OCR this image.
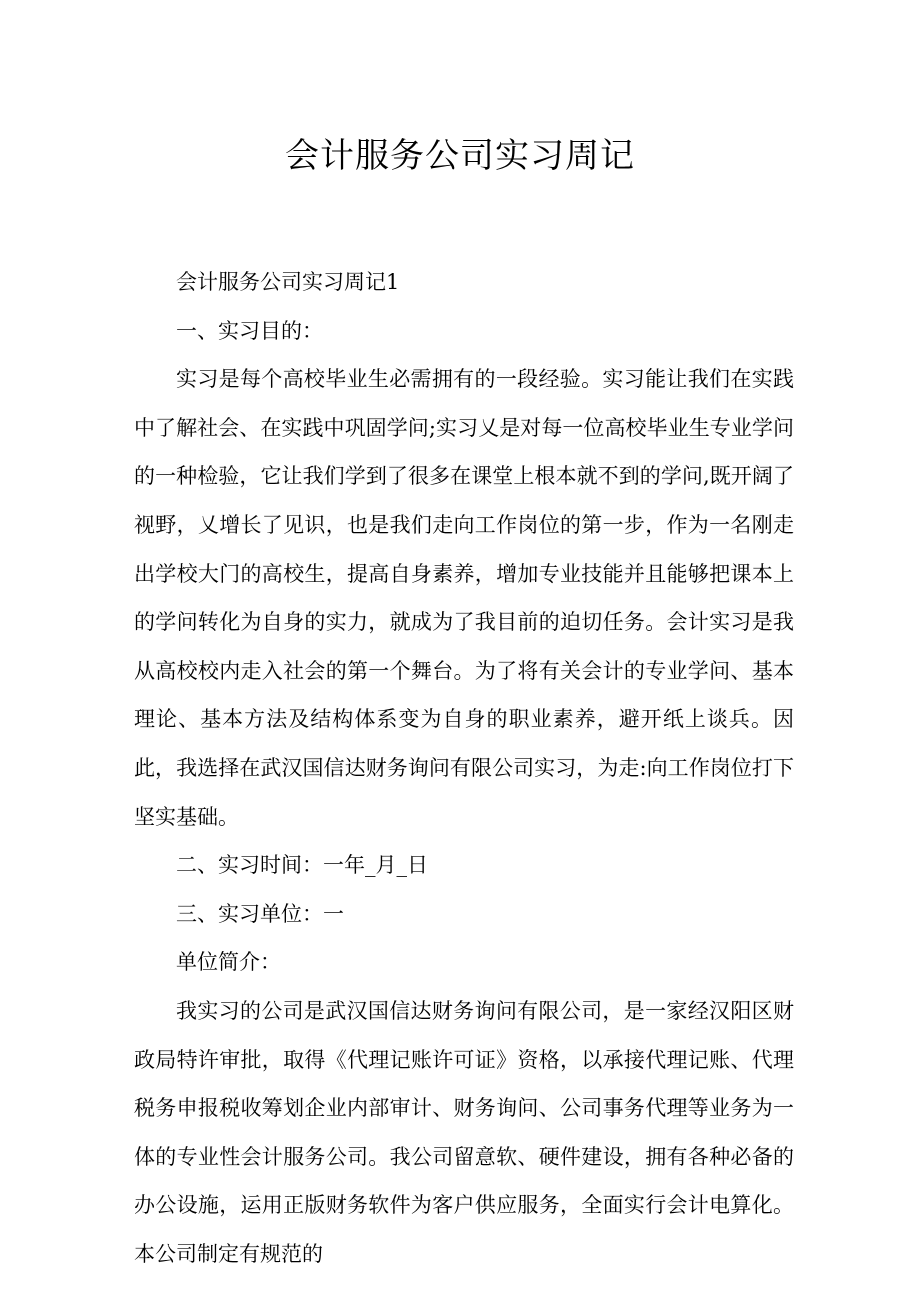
会计服务公司实习周记

会计服务公司实习周记1

一、实习目的：

实习是每个高校毕业生必需拥有的一段经验。实习能让我们在实践中了解社会、在实践中巩固学问;实习乂是对每一位高校毕业生专业学问的一种检验，它让我们学到了很多在课堂上根本就不到的学问,既开阔了视野，乂增长了见识，也是我们走向工作岗位的第一步，作为一名刚走出学校大门的高校生，提高自身素养，增加专业技能并且能够把课本上的学问转化为自身的实力，就成为了我目前的迫切任务。会计实习是我从高校校内走入社会的第一个舞台。为了将有关会计的专业学问、基本理论、基本方法及结构体系变为自身的职业素养，避开纸上谈兵。因此，我选择在武汉国信达财务询问有限公司实习，为走:向工作岗位打下坚实基础。

二、实习时间：一年_月_日

三、实习单位：一

单位简介：

我实习的公司是武汉国信达财务询问有限公司，是一家经汉阳区财政局特许审批，取得《代理记账许可证》资格，以承接代理记账、代理税务申报税收筹划企业内部审计、财务询问、公司事务代理等业务为一体的专业性会计服务公司。我公司留意软、硬件建设，拥有各种必备的办公设施，运用正版财务软件为客户供应服务，全面实行会计电算化。本公司制定有规范的
